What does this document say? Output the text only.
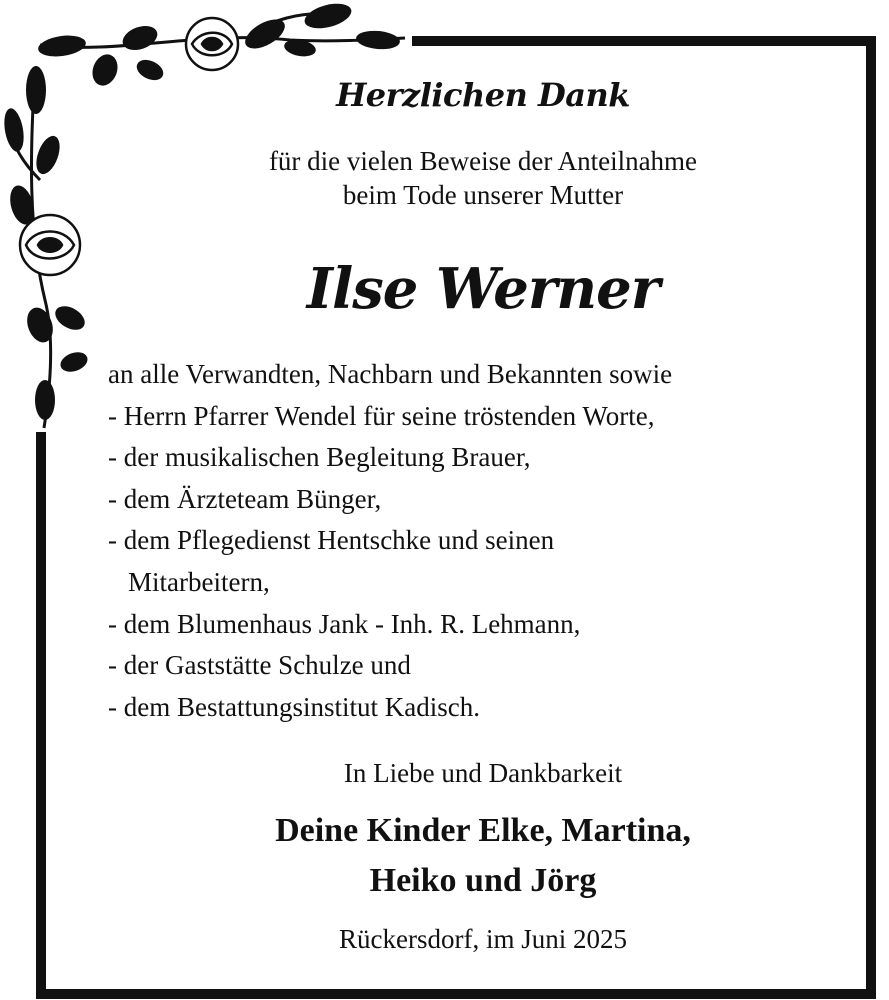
Herzlichen Dank

für die vielen Beweise der Anteilnahme
beim Tode unserer Mutter

Ilse Werner

an alle Verwandten, Nachbarn und Bekannten sowie
- Herrn Pfarrer Wendel für seine tröstenden Worte,
- der musikalischen Begleitung Brauer,
- dem Ärzteteam Bünger,
- dem Pflegedienst Hentschke und seinen
Mitarbeitern,
- dem Blumenhaus Jank - Inh. R. Lehmann,
- der Gaststätte Schulze und
- dem Bestattungsinstitut Kadisch.

In Liebe und Dankbarkeit

Deine Kinder Elke, Martina,
Heiko und Jörg

Rückersdorf, im Juni 2025
